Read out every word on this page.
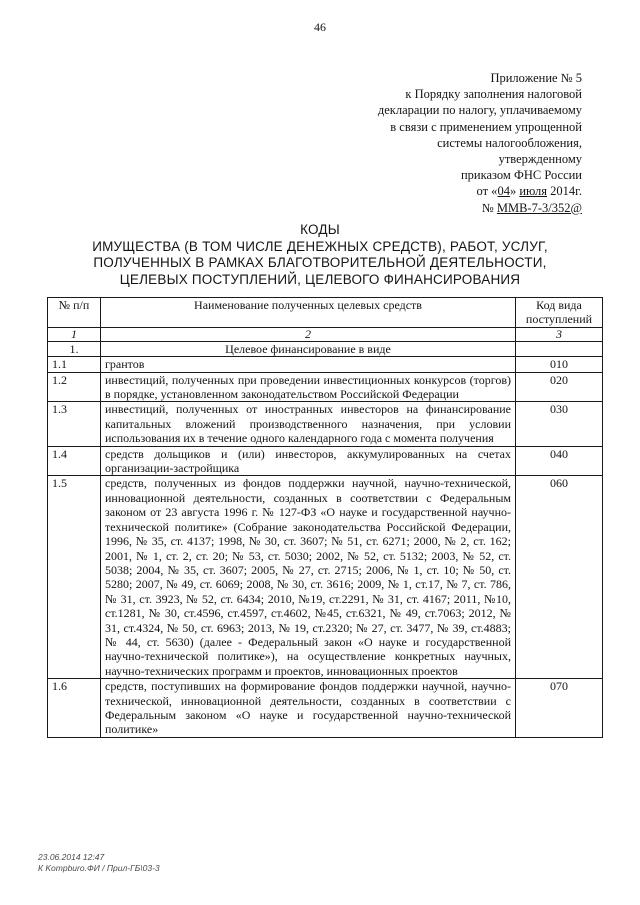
46
Приложение № 5
к Порядку заполнения налоговой
декларации по налогу, уплачиваемому
в связи с применением упрощенной
системы налогообложения,
утвержденному
приказом ФНС России
от «04» июля 2014г.
№ ММВ-7-3/352@
КОДЫ
ИМУЩЕСТВА (В ТОМ ЧИСЛЕ ДЕНЕЖНЫХ СРЕДСТВ), РАБОТ, УСЛУГ,
ПОЛУЧЕННЫХ В РАМКАХ БЛАГОТВОРИТЕЛЬНОЙ ДЕЯТЕЛЬНОСТИ,
ЦЕЛЕВЫХ ПОСТУПЛЕНИЙ, ЦЕЛЕВОГО ФИНАНСИРОВАНИЯ
№ п/п	Наименование полученных целевых средств	Код вида поступлений
1	2	3
1.	Целевое финансирование в виде	
1.1	грантов	010
1.2	инвестиций, полученных при проведении инвестиционных конкурсов (торгов) в порядке, установленном законодательством Российской Федерации	020
1.3	инвестиций, полученных от иностранных инвесторов на финансирование капитальных вложений производственного назначения, при условии использования их в течение одного календарного года с момента получения	030
1.4	средств дольщиков и (или) инвесторов, аккумулированных на счетах организации-застройщика	040
1.5	средств, полученных из фондов поддержки научной, научно-технической, инновационной деятельности, созданных в соответствии с Федеральным законом от 23 августа 1996 г. № 127-ФЗ «О науке и государственной научно-технической политике» (Собрание законодательства Российской Федерации, 1996, № 35, ст. 4137; 1998, № 30, ст. 3607; № 51, ст. 6271; 2000, № 2, ст. 162; 2001, № 1, ст. 2, ст. 20; № 53, ст. 5030; 2002, № 52, ст. 5132; 2003, № 52, ст. 5038; 2004, № 35, ст. 3607; 2005, № 27, ст. 2715; 2006, № 1, ст. 10; № 50, ст. 5280; 2007, № 49, ст. 6069; 2008, № 30, ст. 3616; 2009, № 1, ст.17, № 7, ст. 786, № 31, ст. 3923, № 52, ст. 6434; 2010, №19, ст.2291, № 31, ст. 4167; 2011, №10, ст.1281, № 30, ст.4596, ст.4597, ст.4602, №45, ст.6321, № 49, ст.7063; 2012, № 31, ст.4324, № 50, ст. 6963; 2013, № 19, ст.2320; № 27, ст. 3477, № 39, ст.4883; № 44, ст. 5630) (далее - Федеральный закон «О науке и государственной научно-технической политике»), на осуществление конкретных научных, научно-технических программ и проектов, инновационных проектов	060
1.6	средств, поступивших на формирование фондов поддержки научной, научно-технической, инновационной деятельности, созданных в соответствии с Федеральным законом «О науке и государственной научно-технической политике»	070
23.06.2014 12:47
К Kompburo.ФИ / Прил-ГБ\03-3
